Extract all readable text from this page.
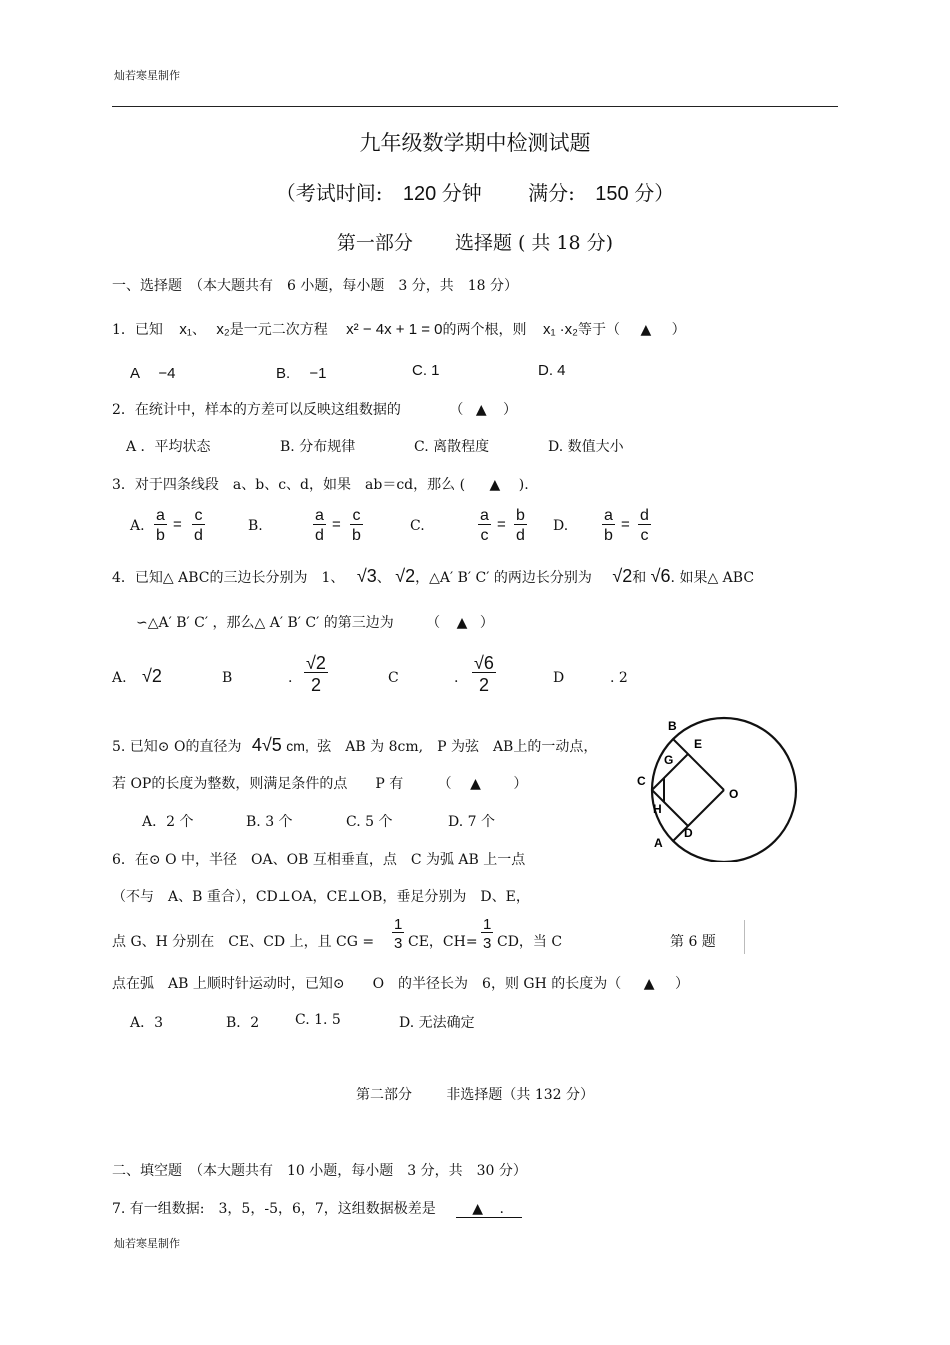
灿若寒星制作
九年级数学期中检测试题
（考试时间: 120 分钟 满分: 150 分）
第一部分 选择题 ( 共 18 分)
一、选择题　（本大题共有　6 小题，每小题　3 分，共　18 分）
1．已知 x₁、 x₂是一元二次方程 x² − 4x + 1 = 0的两个根，则 x₁ ·x₂等于（ ▲ ）
A　 −4	B.　 −1	C. 1	D. 4
2．在统计中，样本的方差可以反映这组数据的	（ ▲ ）
A ．平均状态	B. 分布规律	C. 离散程度	D. 数值大小
3．对于四条线段　a、b、c、d，如果　ab＝cd，那么 ( ▲ ).
A. $\frac{a}{b} = \frac{c}{d}$	B.	$\frac{a}{d} = \frac{c}{b}$	C.	$\frac{a}{c} = \frac{b}{d} D$. $\frac{a}{b} = \frac{d}{c}$
4．已知△ ABC的三边长分别为　1、 √3、 √2，△A′ B′ C′ 的两边长分别为 √2和 √6. 如果△ ABC
∽△A′ B′ C′ ，那么△ A′ B′ C′ 的第三边为 （ ▲ ）
A. √2	B	. $\frac{√2}{2}$	C	. $\frac{√6}{2}$	D	. 2
5. 已知⊙ O的直径为 4√5 cm, 弦　AB 为 8cm,　P 为弦　AB上的一动点，
若 OP的长度为整数，则满足条件的点　　P 有 （ ▲ ）
A．2 个	B. 3 个	C. 5 个	D. 7 个
6．在⊙ O 中，半径　OA、OB 互相垂直，点　C 为弧 AB 上一点
（不与　A、B 重合），CD⊥OA，CE⊥OB，垂足分别为　D、E，
点 G、H 分别在　CE、CD 上，且 CG = $\frac{1}{3}$ CE，$CH= \frac{1}{3}$ CD，当 C	第 6 题
点在弧　AB 上顺时针运动时，已知⊙　　O　的半径长为　6，则 GH 的长度为（ ▲ ）
A．3	B．2	C. 1. 5	D. 无法确定
B
E
G
C
H
O
A
D
第二部分 非选择题（共 132 分）
二、填空题　（本大题共有　10 小题，每小题　3 分，共　30 分）
7. 有一组数据:　3，5，-5，6，7，这组数据极差是	▲ .
灿若寒星制作
